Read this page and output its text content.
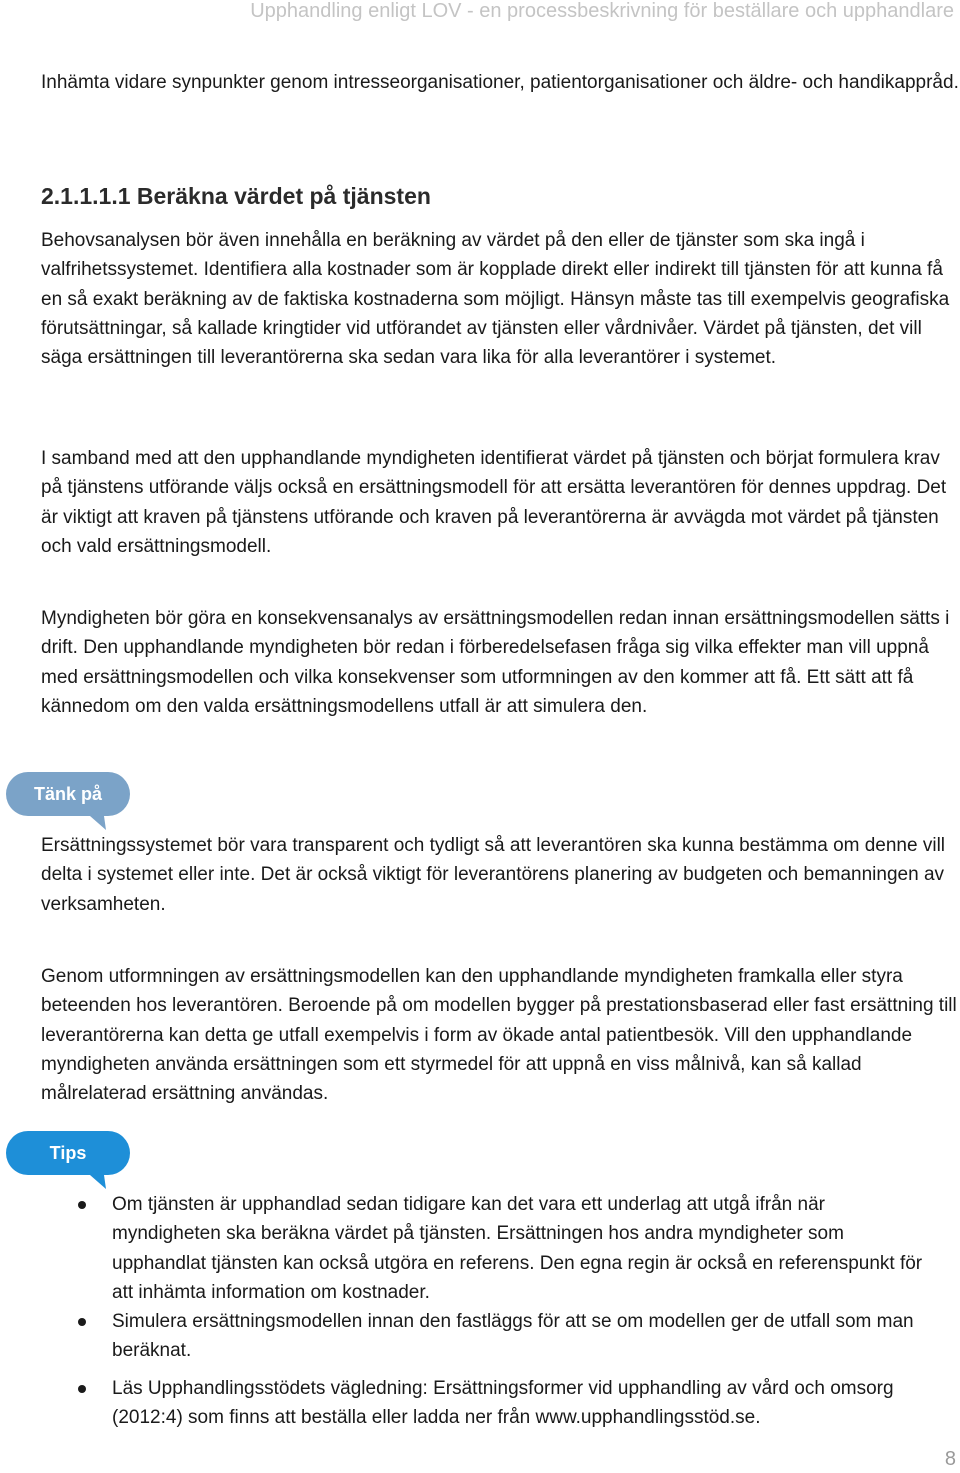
Upphandling enligt LOV - en processbeskrivning för beställare och upphandlare

Inhämta vidare synpunkter genom intresseorganisationer, patientorganisationer och äldre- och handikappråd.

2.1.1.1.1 Beräkna värdet på tjänsten

Behovsanalysen bör även innehålla en beräkning av värdet på den eller de tjänster som ska ingå i valfrihetssystemet. Identifiera alla kostnader som är kopplade direkt eller indirekt till tjänsten för att kunna få en så exakt beräkning av de faktiska kostnaderna som möjligt. Hänsyn måste tas till exempelvis geografiska förutsättningar, så kallade kringtider vid utförandet av tjänsten eller vårdnivåer. Värdet på tjänsten, det vill säga ersättningen till leverantörerna ska sedan vara lika för alla leverantörer i systemet.

I samband med att den upphandlande myndigheten identifierat värdet på tjänsten och börjat formulera krav på tjänstens utförande väljs också en ersättningsmodell för att ersätta leverantören för dennes uppdrag. Det är viktigt att kraven på tjänstens utförande och kraven på leverantörerna är avvägda mot värdet på tjänsten och vald ersättningsmodell.

Myndigheten bör göra en konsekvensanalys av ersättningsmodellen redan innan ersättningsmodellen sätts i drift. Den upphandlande myndigheten bör redan i förberedelsefasen fråga sig vilka effekter man vill uppnå med ersättningsmodellen och vilka konsekvenser som utformningen av den kommer att få. Ett sätt att få kännedom om den valda ersättningsmodellens utfall är att simulera den.

Tänk på

Ersättningssystemet bör vara transparent och tydligt så att leverantören ska kunna bestämma om denne vill delta i systemet eller inte. Det är också viktigt för leverantörens planering av budgeten och bemanningen av verksamheten.

Genom utformningen av ersättningsmodellen kan den upphandlande myndigheten framkalla eller styra beteenden hos leverantören. Beroende på om modellen bygger på prestationsbaserad eller fast ersättning till leverantörerna kan detta ge utfall exempelvis i form av ökade antal patientbesök. Vill den upphandlande myndigheten använda ersättningen som ett styrmedel för att uppnå en viss målnivå, kan så kallad målrelaterad ersättning användas.

Tips
Om tjänsten är upphandlad sedan tidigare kan det vara ett underlag att utgå ifrån när myndigheten ska beräkna värdet på tjänsten. Ersättningen hos andra myndigheter som upphandlat tjänsten kan också utgöra en referens. Den egna regin är också en referenspunkt för att inhämta information om kostnader.
Simulera ersättningsmodellen innan den fastläggs för att se om modellen ger de utfall som man beräknat.
Läs Upphandlingsstödets vägledning: Ersättningsformer vid upphandling av vård och omsorg (2012:4) som finns att beställa eller ladda ner från www.upphandlingsstöd.se.
8
